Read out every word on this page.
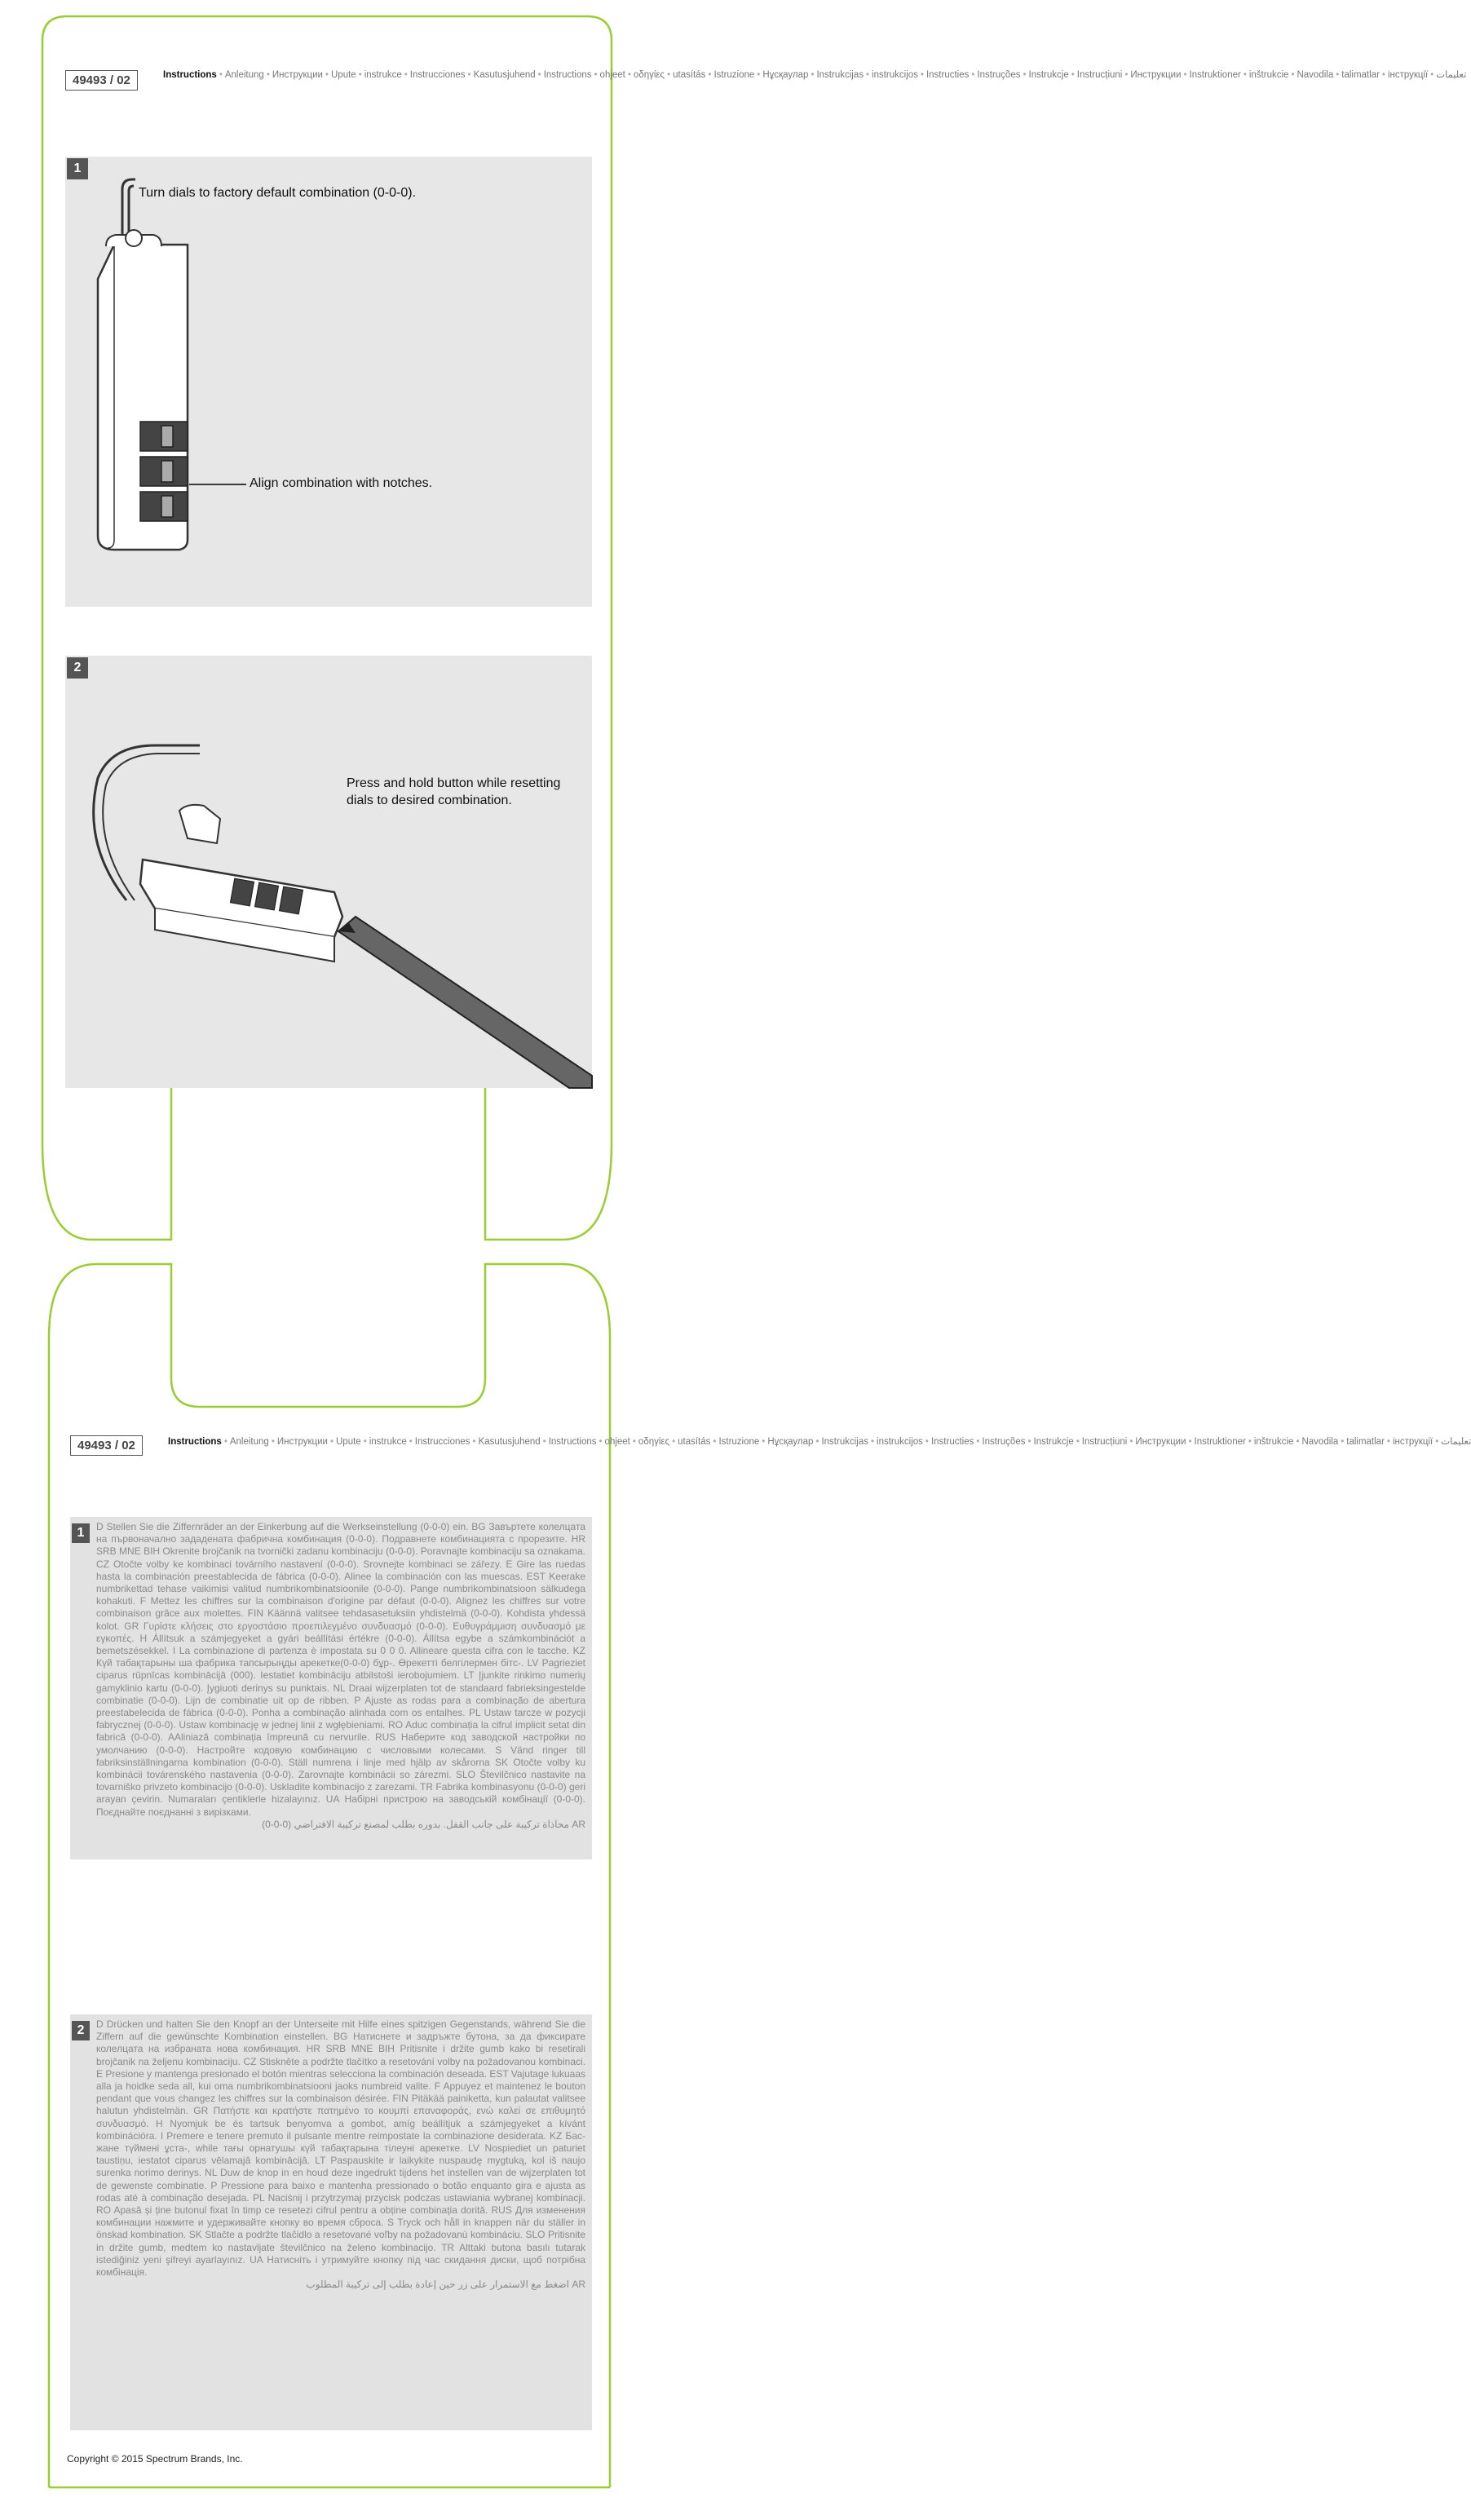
49493 / 02	Instructions • Anleitung • Инструкции • Upute • instrukce • Instrucciones • Kasutusjuhend • Instructions • ohjeet • οδηγίες • utasítás • Istruzione • Нұсқаулар • Instrukcijas • instrukcijos • Instructies • Instruções • Instrukcje • Instrucțiuni • Инструкции • Instruktioner • inštrukcie • Navodila • talimatlar • інструкції • تعليمات
1
Turn dials to factory default combination (0-0-0).
Align combination with notches.
2
Press and hold button while resetting dials to desired combination.
49493 / 02	Instructions • Anleitung • Инструкции • Upute • instrukce • Instrucciones • Kasutusjuhend • Instructions • ohjeet • οδηγίες • utasítás • Istruzione • Нұсқаулар • Instrukcijas • instrukcijos • Instructies • Instruções • Instrukcje • Instrucțiuni • Инструкции • Instruktioner • inštrukcie • Navodila • talimatlar • інструкції • تعليمات
1	D Stellen Sie die Ziffernräder an der Einkerbung auf die Werkseinstellung (0-0-0) ein. BG Завъртете колелцата на първоначално зададената фабрична комбинация (0-0-0). Подравнете комбинацията с прорезите. HR SRB MNE BIH Okrenite brojčanik na tvornički zadanu kombinaciju (0-0-0). Poravnajte kombinaciju sa oznakama. CZ Otočte volby ke kombinaci továrního nastavení (0-0-0). Srovnejte kombinaci se zářezy. E Gire las ruedas hasta la combinación preestablecida de fábrica (0-0-0). Alinee la combinación con las muescas. EST Keerake numbrikettad tehase vaikimisi valitud numbrikombinatsioonile (0-0-0). Pange numbrikombinatsioon sälkudega kohakuti. F Mettez les chiffres sur la combinaison d'origine par défaut (0-0-0). Alignez les chiffres sur votre combinaison grâce aux molettes. FIN Käännä valitsee tehdasasetuksiin yhdistelmä (0-0-0). Kohdista yhdessä kolot. GR Γυρίστε κλήσεις στο εργοστάσιο προεπιλεγμένο συνδυασμό (0-0-0). Ευθυγράμμιση συνδυασμό με εγκοπές. H Állítsuk a számjegyeket a gyári beállítási értékre (0-0-0). Állítsa egybe a számkombinációt a bemetszésekkel. I La combinazione di partenza è impostata su 0 0 0. Allineare questa cifra con le tacche. KZ Күй табақтарыны ша фабрика тапсырыңды арекетке(0-0-0) бұр-. Өрекетті белгілермен бітс-. LV Pagrieziet ciparus rūpnīcas kombinācijā (000). Iestatiet kombināciju atbilstoši ierobojumiem. LT Įjunkite rinkimo numerių gamyklinio kartu (0-0-0). Įygiuoti derinys su punktais. NL Draai wijzerplaten tot de standaard fabrieksingestelde combinatie (0-0-0). Lijn de combinatie uit op de ribben. P Ajuste as rodas para a combinação de abertura preestabelecida de fábrica (0-0-0). Ponha a combinação alinhada com os entalhes. PL Ustaw tarcze w pozycji fabrycznej (0-0-0). Ustaw kombinację w jednej linii z wgłębieniami. RO Aduc combinația la cifrul implicit setat din fabrică (0-0-0). AAliniază combinația împreună cu nervurile. RUS Наберите код заводской настройки по умолчанию (0-0-0). Настройте кодовую комбинацию с числовыми колесами. S Vänd ringer till fabriksinställningarna kombination (0-0-0). Ställ numrena i linje med hjälp av skårorna SK Otočte volby ku kombinácii továrenského nastavenia (0-0-0). Zarovnajte kombinácii so zárezmi. SLO Številčnico nastavite na tovarniško privzeto kombinacijo (0-0-0). Uskladite kombinacijo z zarezami. TR Fabrika kombinasyonu (0-0-0) geri arayan çevirin. Numaraları çentiklerle hizalayınız. UA Набірні пристрою на заводській комбінації (0-0-0). Поєднайте поєднанні з вирізками.

AR محاذاة تركيبة على جانب القفل. بدوره بطلب لمصنع تركيبة الافتراضي (0-0-0)

2	D Drücken und halten Sie den Knopf an der Unterseite mit Hilfe eines spitzigen Gegenstands, während Sie die Ziffern auf die gewünschte Kombination einstellen. BG Натиснете и задръжте бутона, за да фиксирате колелцата на избраната нова комбинация. HR SRB MNE BIH Pritisnite i držite gumb kako bi resetirali brojčanik na željenu kombinaciju. CZ Stiskněte a podržte tlačítko a resetování volby na požadovanou kombinaci. E Presione y mantenga presionado el botón mientras selecciona la combinación deseada. EST Vajutage lukuaas alla ja hoidke seda all, kui oma numbrikombinatsiooni jaoks numbreid valite. F Appuyez et maintenez le bouton pendant que vous changez les chiffres sur la combinaison désirée. FIN Pitäkää painiketta, kun palautat valitsee halutun yhdistelmän. GR Πατήστε και κρατήστε πατημένο το κουμπί επαναφοράς, ενώ καλεί σε επιθυμητό συνδυασμό. H Nyomjuk be és tartsuk benyomva a gombot, amíg beállítjuk a számjegyeket a kívánt kombinációra. I Premere e tenere premuto il pulsante mentre reimpostate la combinazione desiderata. KZ Бас- жане түймені ұста-, while тағы орнатушы күй табақтарына тілеуні арекетке. LV Nospiediet un paturiet taustiņu, iestatot ciparus vēlamajā kombinācijā. LT Paspauskite ir laikykite nuspaudę mygtuką, kol iš naujo surenka norimo derinys. NL Duw de knop in en houd deze ingedrukt tijdens het instellen van de wijzerplaten tot de gewenste combinatie. P Pressione para baixo e mantenha pressionado o botão enquanto gira e ajusta as rodas até à combinação desejada. PL Naciśnij i przytrzymaj przycisk podczas ustawiania wybranej kombinacji. RO Apasă și ține butonul fixat în timp ce resetezi cifrul pentru a obține combinația dorită. RUS Для изменения комбинации нажмите и удерживайте кнопку во время сброса. S Tryck och håll in knappen när du ställer in önskad kombination. SK Stlačte a podržte tlačidlo a resetované voľby na požadovanú kombináciu. SLO Pritisnite in držite gumb, medtem ko nastavljate številčnico na želeno kombinacijo. TR Alttaki butona basılı tutarak istediğiniz yeni şifreyi ayarlayınız. UA Натисніть і утримуйте кнопку під час скидання диски, щоб потрібна комбінація.

AR اضغط مع الاستمرار على زر حين إعادة بطلب إلى تركيبة المطلوب

Copyright © 2015 Spectrum Brands, Inc.
